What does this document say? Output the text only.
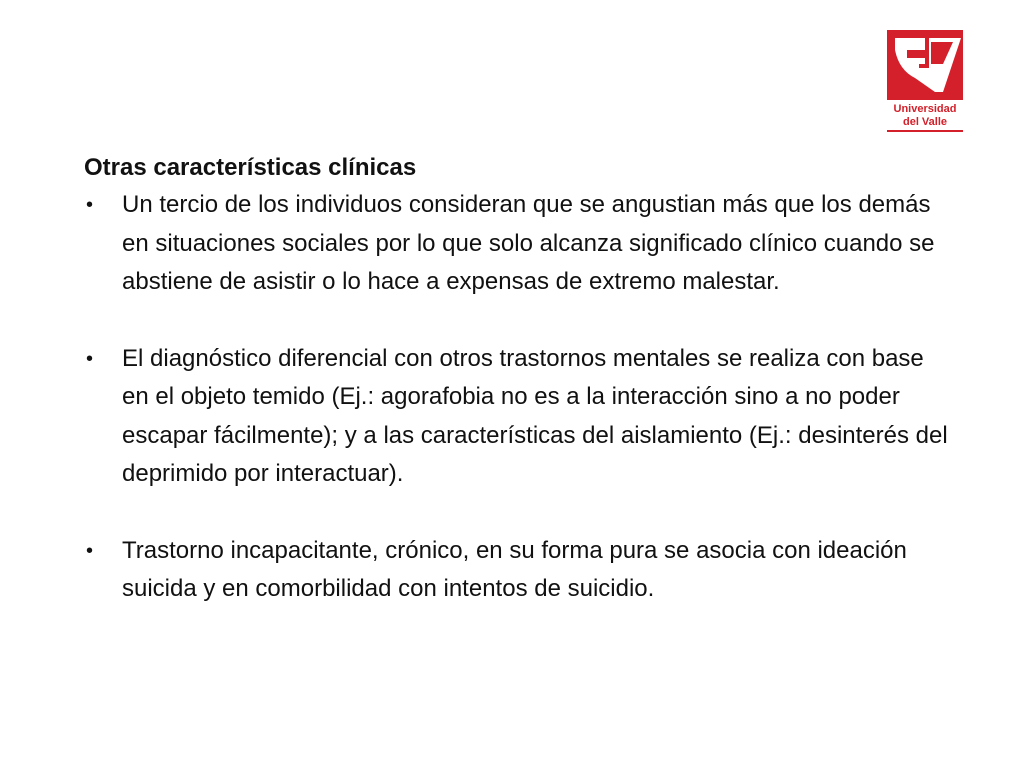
Universidad
del Valle
Otras características clínicas
• Un tercio de los individuos consideran que se angustian más que los demás en situaciones sociales por lo que solo alcanza significado clínico cuando se abstiene de asistir o lo hace a expensas de extremo malestar.
• El diagnóstico diferencial con otros trastornos mentales se realiza con base en el objeto temido (Ej.: agorafobia no es a la interacción sino a no poder escapar fácilmente); y a las características del aislamiento (Ej.: desinterés del deprimido por interactuar).
• Trastorno incapacitante, crónico, en su forma pura se asocia con ideación suicida y en comorbilidad con intentos de suicidio.
